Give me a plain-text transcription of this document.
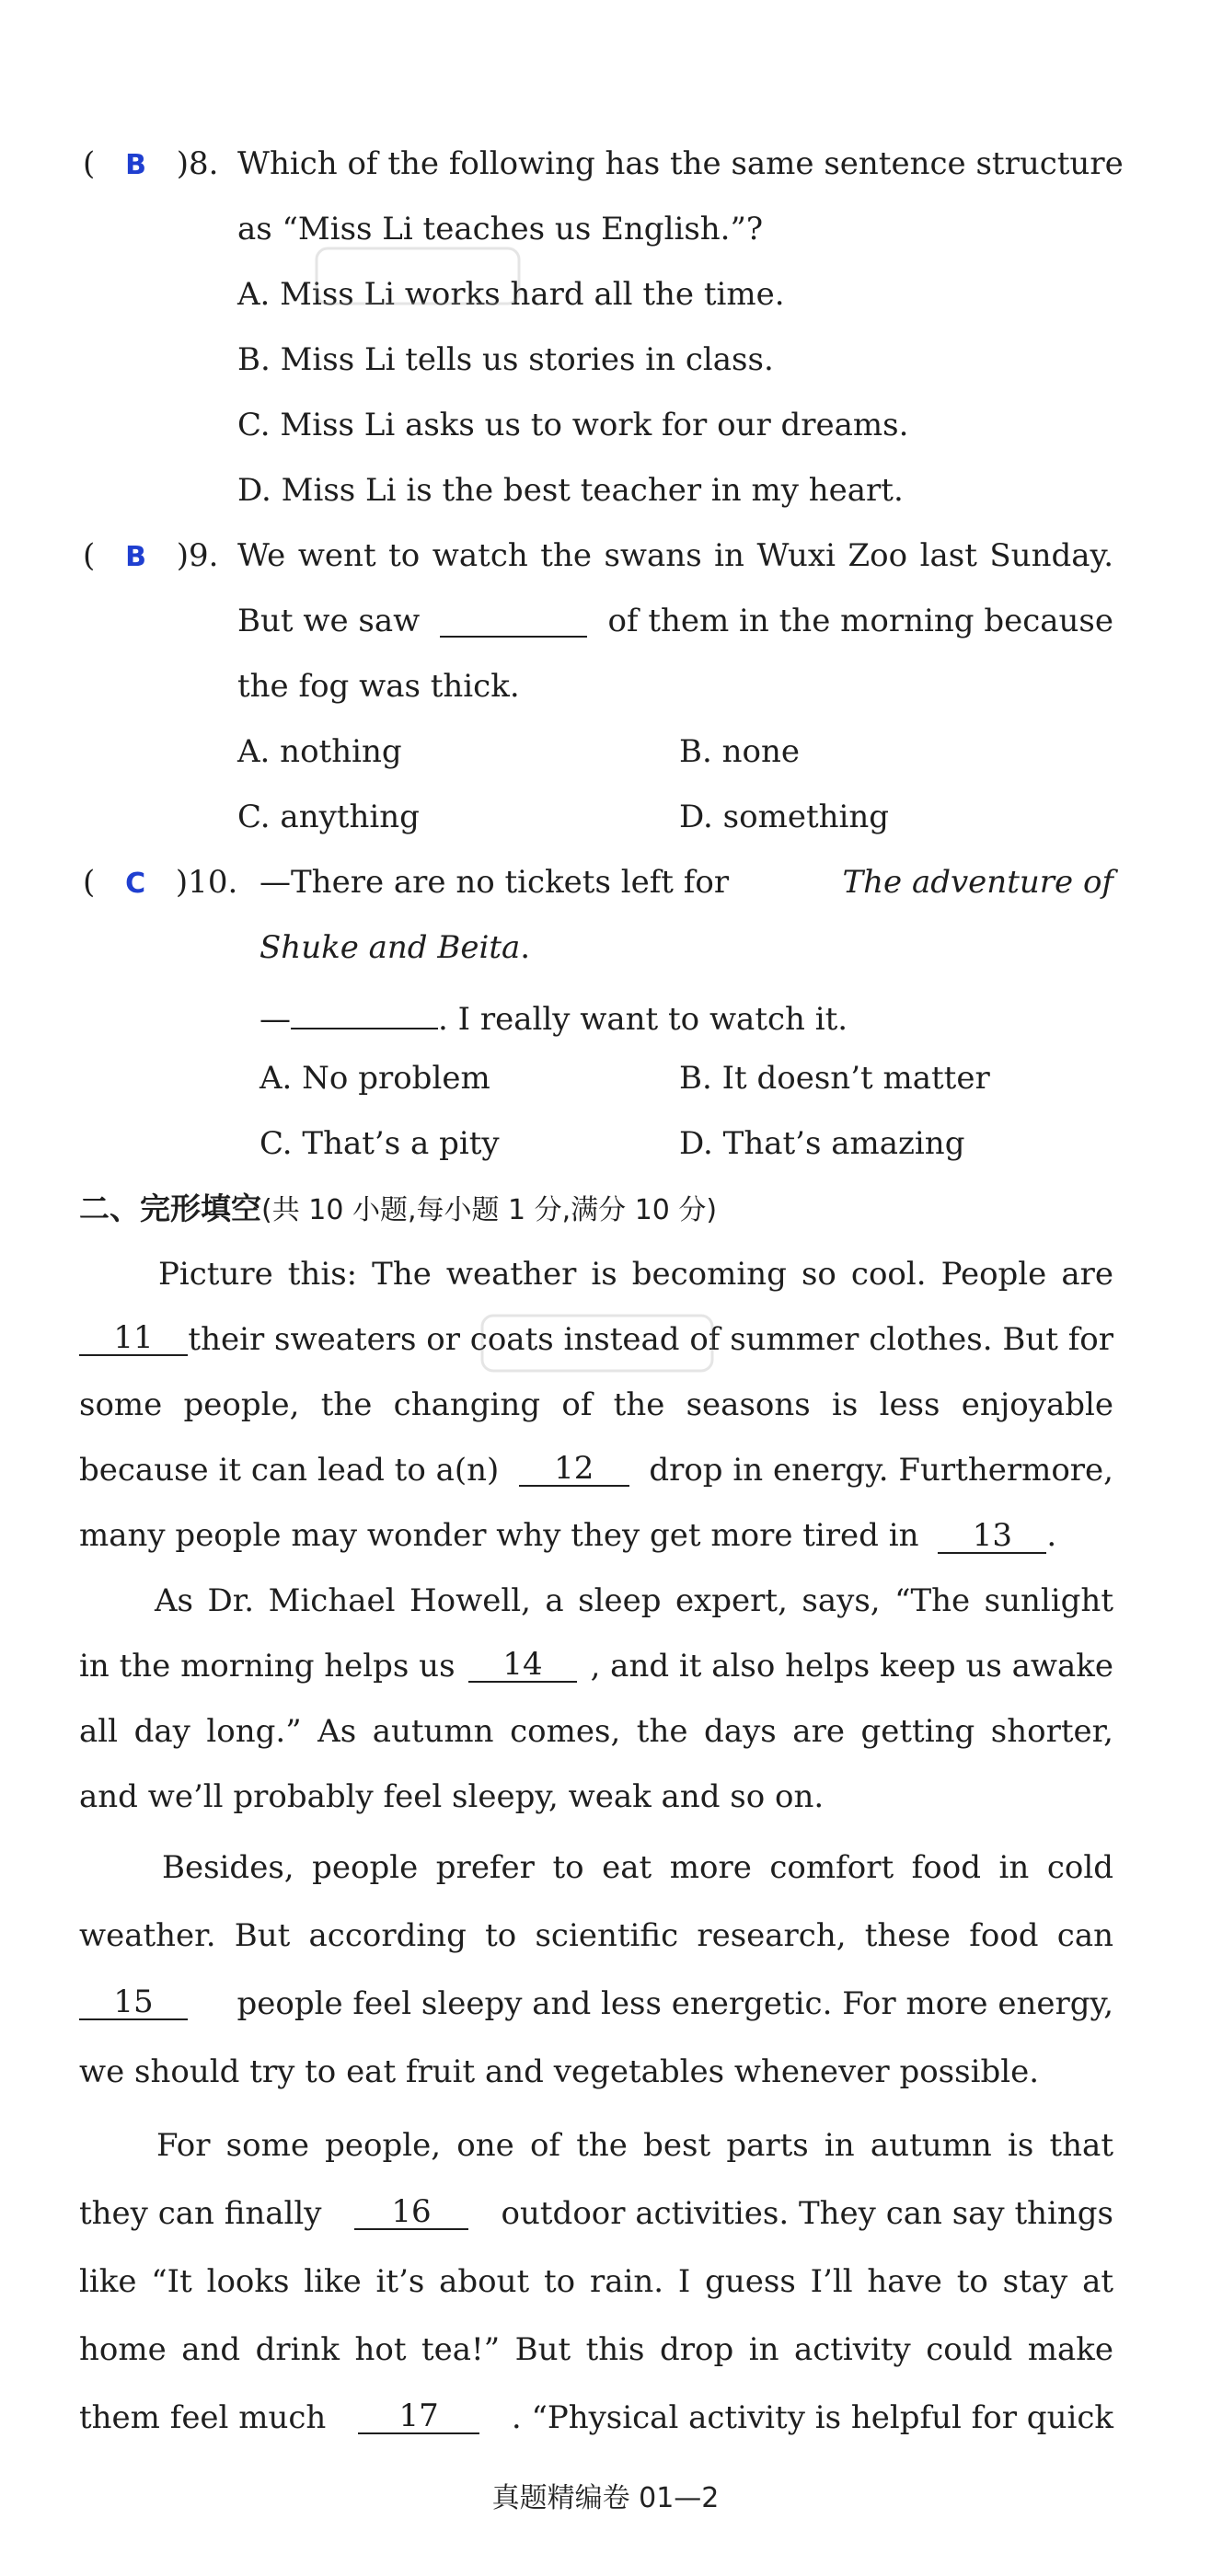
( B )8. Which of the following has the same sentence structure
as “Miss Li teaches us English.”?
A. Miss Li works hard all the time.
B. Miss Li tells us stories in class.
C. Miss Li asks us to work for our dreams.
D. Miss Li is the best teacher in my heart.
( B )9. We went to watch the swans in Wuxi Zoo last Sunday.
But we saw	of them in the morning because
the fog was thick.
A. nothing	B. none
C. anything	D. something
( C )10. —There are no tickets left for	The adventure of
Shuke and Beita.
—	. I really want to watch it.
A. No problem	B. It doesn’t matter
C. That’s a pity	D. That’s amazing
二、完形填空(共 10 小题,每小题 1 分,满分 10 分)
Picture this: The weather is becoming so cool. People are
11	their sweaters or coats instead of summer clothes. But for
some people, the changing of the seasons is less enjoyable
because it can lead to a(n)	12	drop in energy. Furthermore,
many people may wonder why they get more tired in 13 .
As Dr. Michael Howell, a sleep expert, says, “The sunlight
in the morning helps us	14	, and it also helps keep us awake
all day long.” As autumn comes, the days are getting shorter,
and we’ll probably feel sleepy, weak and so on.
Besides, people prefer to eat more comfort food in cold
weather. But according to scientific research, these food can
15	people feel sleepy and less energetic. For more energy,
we should try to eat fruit and vegetables whenever possible.
For some people, one of the best parts in autumn is that
they can finally	16	outdoor activities. They can say things
like “It looks like it’s about to rain. I guess I’ll have to stay at
home and drink hot tea!” But this drop in activity could make
them feel much	17	. “Physical activity is helpful for quick
真题精编卷 01—2
